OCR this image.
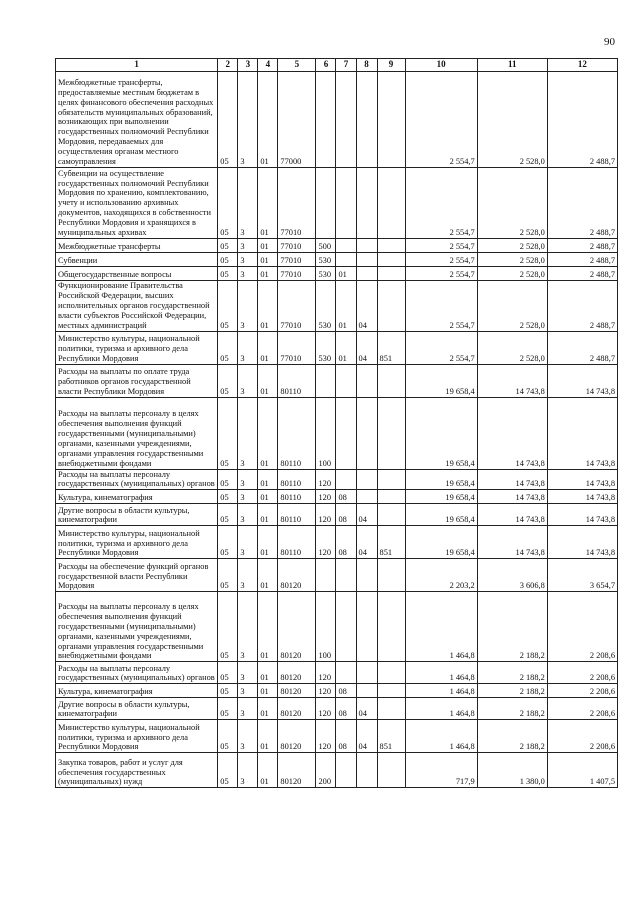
90
1	2	3	4	5	6	7	8	9	10	11	12
Межбюджетные трансферты, предоставляемые местным бюджетам в целях финансового обеспечения расходных обязательств муниципальных образований, возникающих при выполнении государственных полномочий Республики Мордовия, передаваемых для осуществления органам местного самоуправления	05	3	01	77000					2 554,7	2 528,0	2 488,7
Субвенции на осуществление государственных полномочий Республики Мордовия по хранению, комплектованию, учету и использованию архивных документов, находящихся в собственности Республики Мордовия и хранящихся в муниципальных архивах	05	3	01	77010					2 554,7	2 528,0	2 488,7
Межбюджетные трансферты	05	3	01	77010	500				2 554,7	2 528,0	2 488,7
Субвенции	05	3	01	77010	530				2 554,7	2 528,0	2 488,7
Общегосударственные вопросы	05	3	01	77010	530	01			2 554,7	2 528,0	2 488,7
Функционирование Правительства Российской Федерации, высших исполнительных органов государственной власти субъектов Российской Федерации, местных администраций	05	3	01	77010	530	01	04		2 554,7	2 528,0	2 488,7
Министерство культуры, национальной политики, туризма и архивного дела Республики Мордовия	05	3	01	77010	530	01	04	851	2 554,7	2 528,0	2 488,7
Расходы на выплаты по оплате труда работников органов государственной власти Республики Мордовия	05	3	01	80110					19 658,4	14 743,8	14 743,8
Расходы на выплаты персоналу в целях обеспечения выполнения функций государственными (муниципальными) органами, казенными учреждениями, органами управления государственными внебюджетными фондами	05	3	01	80110	100				19 658,4	14 743,8	14 743,8
Расходы на выплаты персоналу государственных (муниципальных) органов	05	3	01	80110	120				19 658,4	14 743,8	14 743,8
Культура, кинематография	05	3	01	80110	120	08			19 658,4	14 743,8	14 743,8
Другие вопросы в области культуры, кинематографии	05	3	01	80110	120	08	04		19 658,4	14 743,8	14 743,8
Министерство культуры, национальной политики, туризма и архивного дела Республики Мордовия	05	3	01	80110	120	08	04	851	19 658,4	14 743,8	14 743,8
Расходы на обеспечение функций органов государственной власти Республики Мордовия	05	3	01	80120					2 203,2	3 606,8	3 654,7
Расходы на выплаты персоналу в целях обеспечения выполнения функций государственными (муниципальными) органами, казенными учреждениями, органами управления государственными внебюджетными фондами	05	3	01	80120	100				1 464,8	2 188,2	2 208,6
Расходы на выплаты персоналу государственных (муниципальных) органов	05	3	01	80120	120				1 464,8	2 188,2	2 208,6
Культура, кинематография	05	3	01	80120	120	08			1 464,8	2 188,2	2 208,6
Другие вопросы в области культуры, кинематографии	05	3	01	80120	120	08	04		1 464,8	2 188,2	2 208,6
Министерство культуры, национальной политики, туризма и архивного дела Республики Мордовия	05	3	01	80120	120	08	04	851	1 464,8	2 188,2	2 208,6
Закупка товаров, работ и услуг для обеспечения государственных (муниципальных) нужд	05	3	01	80120	200				717,9	1 380,0	1 407,5
